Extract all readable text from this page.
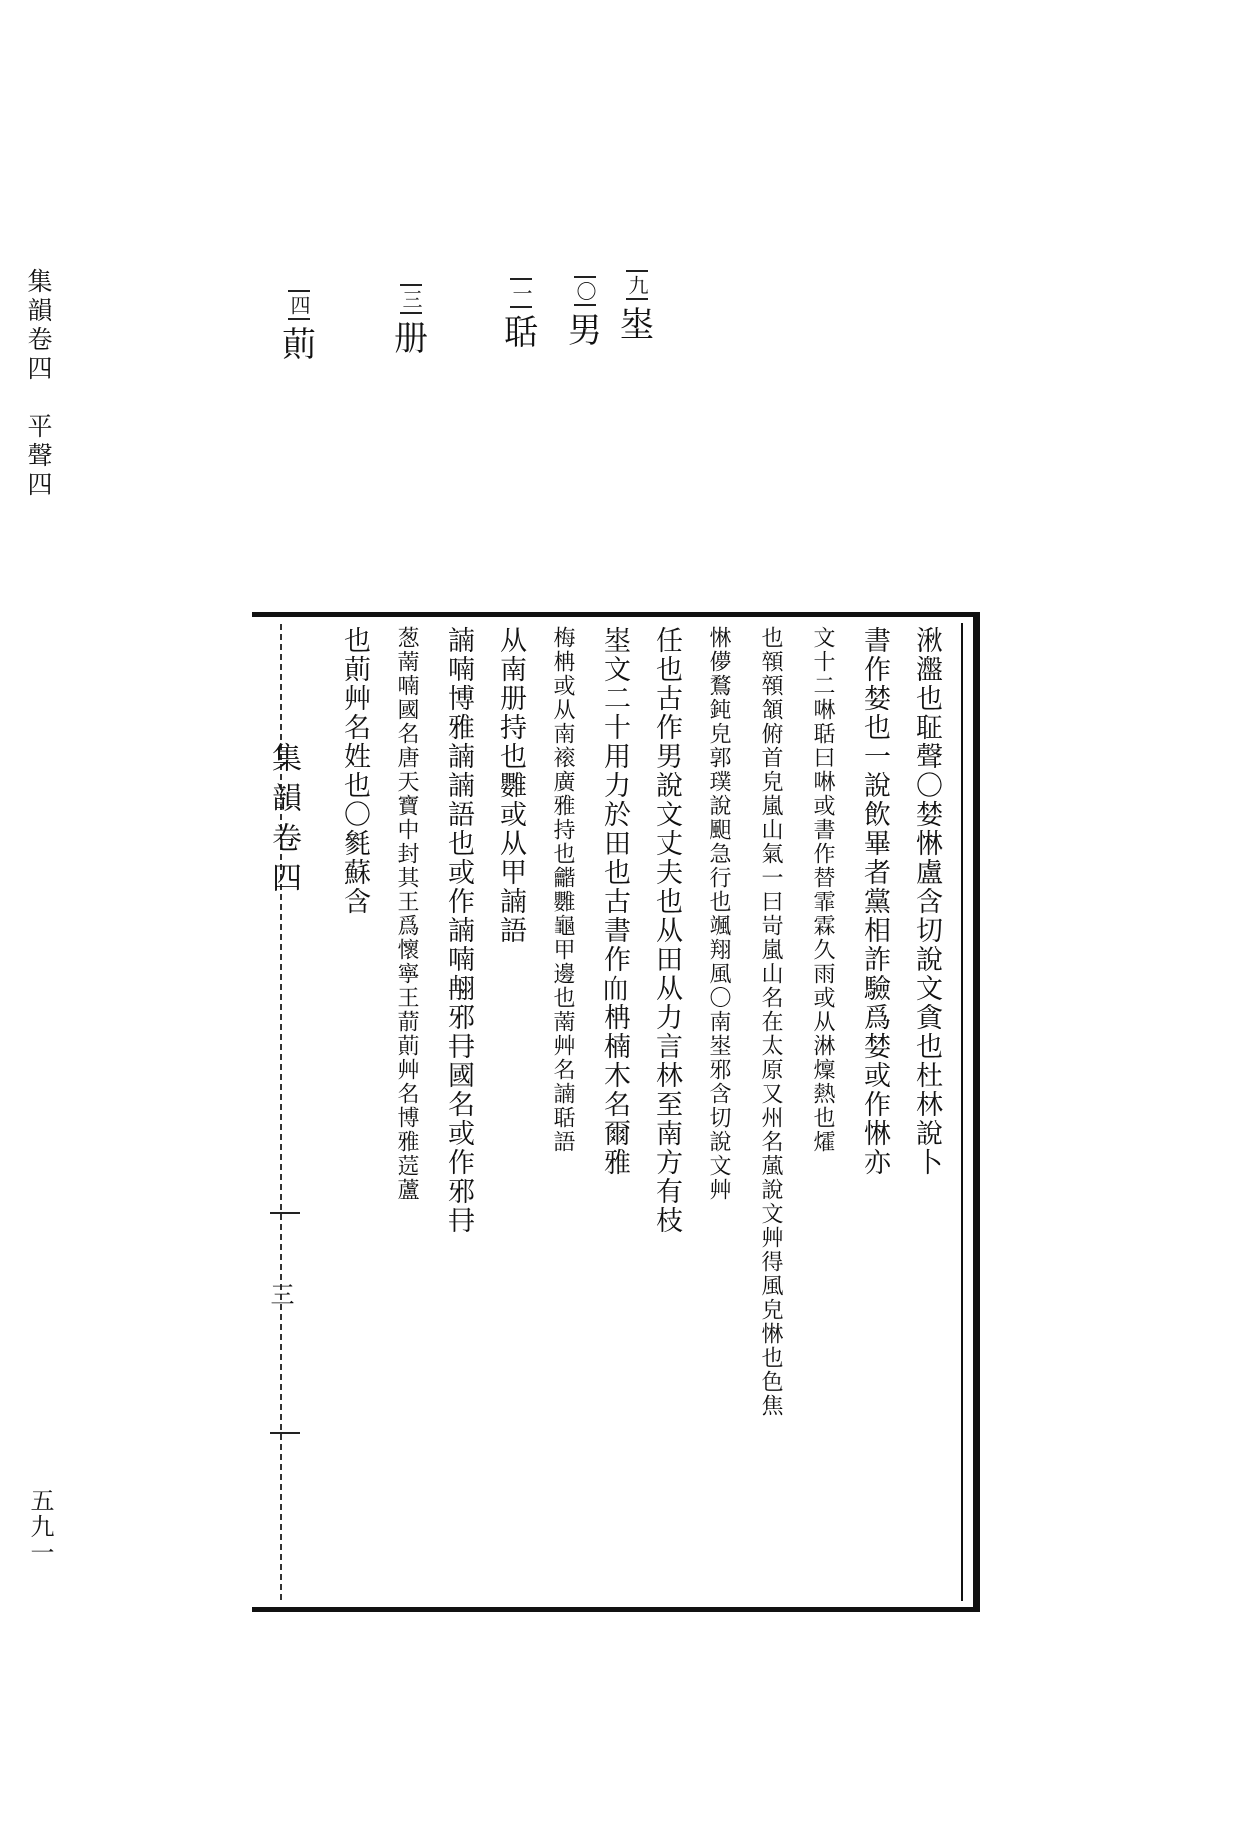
集韻卷四　平聲四	九
埊
〇
男
一
聒
三
册
四
萴
集韻卷四
三
湫瀊也聇聲〇婪惏盧含切說文貪也杜林說卜
書作婪也一說飲畢者黨相詐驗爲婪或作惏亦
文十二啉聒曰啉或書作替霏霖久雨或从淋燣熱也㸌
也顇顇頷俯首皃嵐山氣一曰岢嵐山名在太原又州名葻說文艸得風皃惏也色焦
惏儚鶩鈍皃郭璞說䫻急行也颯翔風〇南埊邪含切說文艸
任也古作男說文丈夫也从田从力言林至南方有枝
埊文二十用力於田也古書作𦓐柟楠木名爾雅
梅柟或从南䙛廣雅持也龤䨉龜甲邊也萳艸名諵聒語
从南册持也䨉或从甲諵語
諵喃博雅諵諵語也或作諵喃䎃邪冄國名或作邪冄
葱萳喃國名唐天寶中封其王爲懷寧王葥萴艸名博雅䓕蘆
也萴艸名姓也〇毿蘇含
五九一
